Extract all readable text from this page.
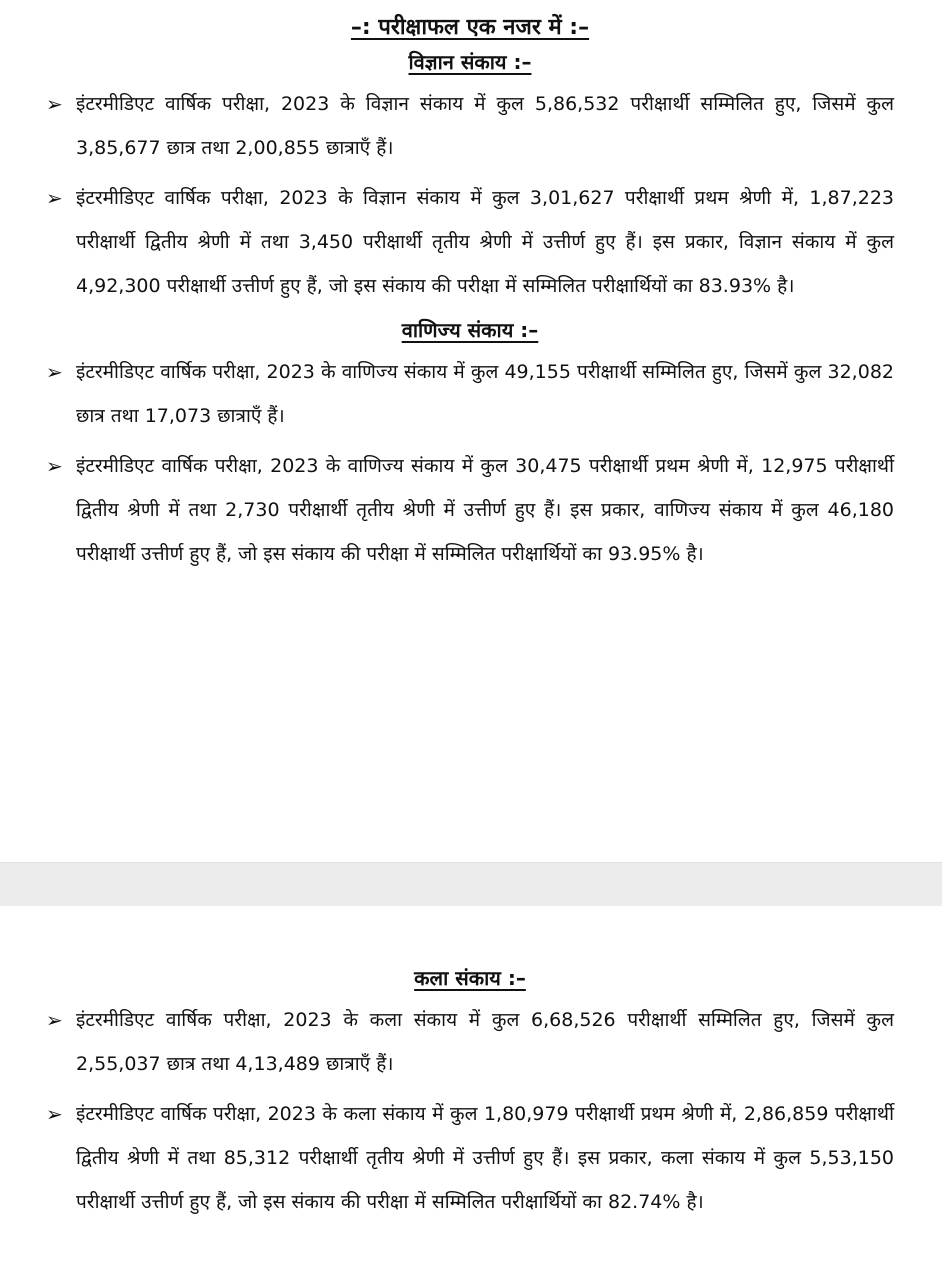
–: परीक्षाफल एक नजर में :–
विज्ञान संकाय :–
➢ इंटरमीडिएट वार्षिक परीक्षा, 2023 के विज्ञान संकाय में कुल 5,86,532 परीक्षार्थी सम्मिलित हुए, जिसमें कुल 3,85,677 छात्र तथा 2,00,855 छात्राएँ हैं।
➢ इंटरमीडिएट वार्षिक परीक्षा, 2023 के विज्ञान संकाय में कुल 3,01,627 परीक्षार्थी प्रथम श्रेणी में, 1,87,223 परीक्षार्थी द्वितीय श्रेणी में तथा 3,450 परीक्षार्थी तृतीय श्रेणी में उत्तीर्ण हुए हैं। इस प्रकार, विज्ञान संकाय में कुल 4,92,300 परीक्षार्थी उत्तीर्ण हुए हैं, जो इस संकाय की परीक्षा में सम्मिलित परीक्षार्थियों का 83.93% है।
वाणिज्य संकाय :–
➢ इंटरमीडिएट वार्षिक परीक्षा, 2023 के वाणिज्य संकाय में कुल 49,155 परीक्षार्थी सम्मिलित हुए, जिसमें कुल 32,082 छात्र तथा 17,073 छात्राएँ हैं।
➢ इंटरमीडिएट वार्षिक परीक्षा, 2023 के वाणिज्य संकाय में कुल 30,475 परीक्षार्थी प्रथम श्रेणी में, 12,975 परीक्षार्थी द्वितीय श्रेणी में तथा 2,730 परीक्षार्थी तृतीय श्रेणी में उत्तीर्ण हुए हैं। इस प्रकार, वाणिज्य संकाय में कुल 46,180 परीक्षार्थी उत्तीर्ण हुए हैं, जो इस संकाय की परीक्षा में सम्मिलित परीक्षार्थियों का 93.95% है।
कला संकाय :–
➢ इंटरमीडिएट वार्षिक परीक्षा, 2023 के कला संकाय में कुल 6,68,526 परीक्षार्थी सम्मिलित हुए, जिसमें कुल 2,55,037 छात्र तथा 4,13,489 छात्राएँ हैं।
➢ इंटरमीडिएट वार्षिक परीक्षा, 2023 के कला संकाय में कुल 1,80,979 परीक्षार्थी प्रथम श्रेणी में, 2,86,859 परीक्षार्थी द्वितीय श्रेणी में तथा 85,312 परीक्षार्थी तृतीय श्रेणी में उत्तीर्ण हुए हैं। इस प्रकार, कला संकाय में कुल 5,53,150 परीक्षार्थी उत्तीर्ण हुए हैं, जो इस संकाय की परीक्षा में सम्मिलित परीक्षार्थियों का 82.74% है।
